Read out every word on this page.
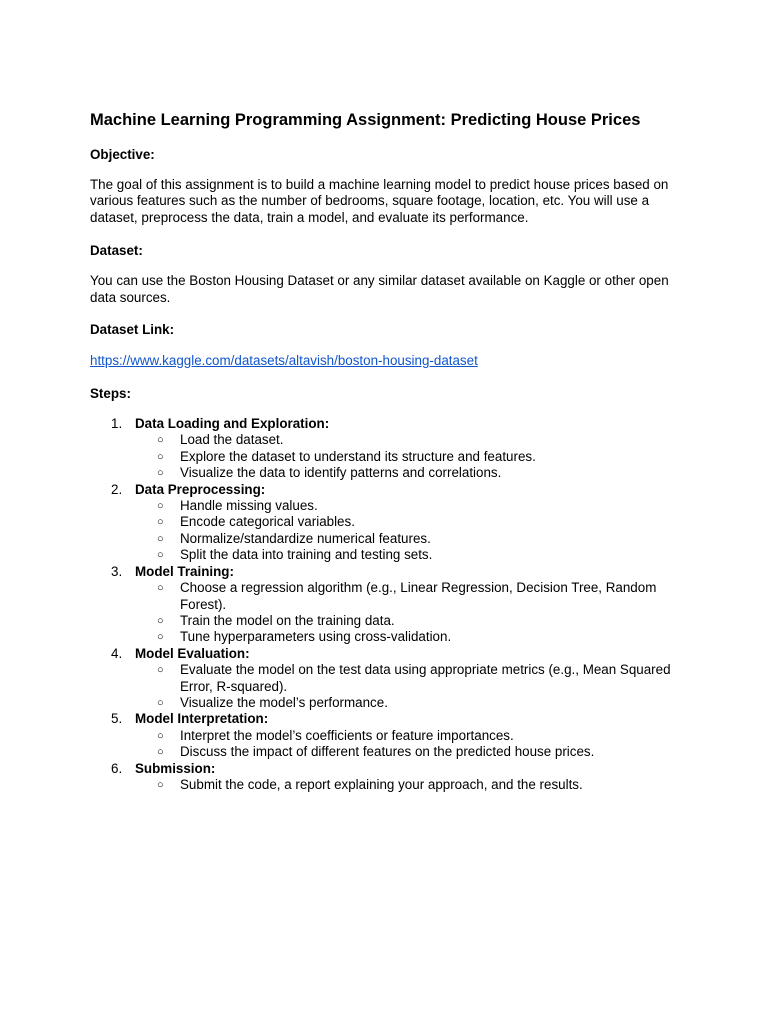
Machine Learning Programming Assignment: Predicting House Prices

Objective:

The goal of this assignment is to build a machine learning model to predict house prices based on various features such as the number of bedrooms, square footage, location, etc. You will use a dataset, preprocess the data, train a model, and evaluate its performance.

Dataset:

You can use the Boston Housing Dataset or any similar dataset available on Kaggle or other open data sources.

Dataset Link:

https://www.kaggle.com/datasets/altavish/boston-housing-dataset

Steps:

1. Data Loading and Exploration:
○ Load the dataset.
○ Explore the dataset to understand its structure and features.
○ Visualize the data to identify patterns and correlations.
2. Data Preprocessing:
○ Handle missing values.
○ Encode categorical variables.
○ Normalize/standardize numerical features.
○ Split the data into training and testing sets.
3. Model Training:
○ Choose a regression algorithm (e.g., Linear Regression, Decision Tree, Random Forest).
○ Train the model on the training data.
○ Tune hyperparameters using cross-validation.
4. Model Evaluation:
○ Evaluate the model on the test data using appropriate metrics (e.g., Mean Squared Error, R-squared).
○ Visualize the model’s performance.
5. Model Interpretation:
○ Interpret the model’s coefficients or feature importances.
○ Discuss the impact of different features on the predicted house prices.
6. Submission:
○ Submit the code, a report explaining your approach, and the results.
